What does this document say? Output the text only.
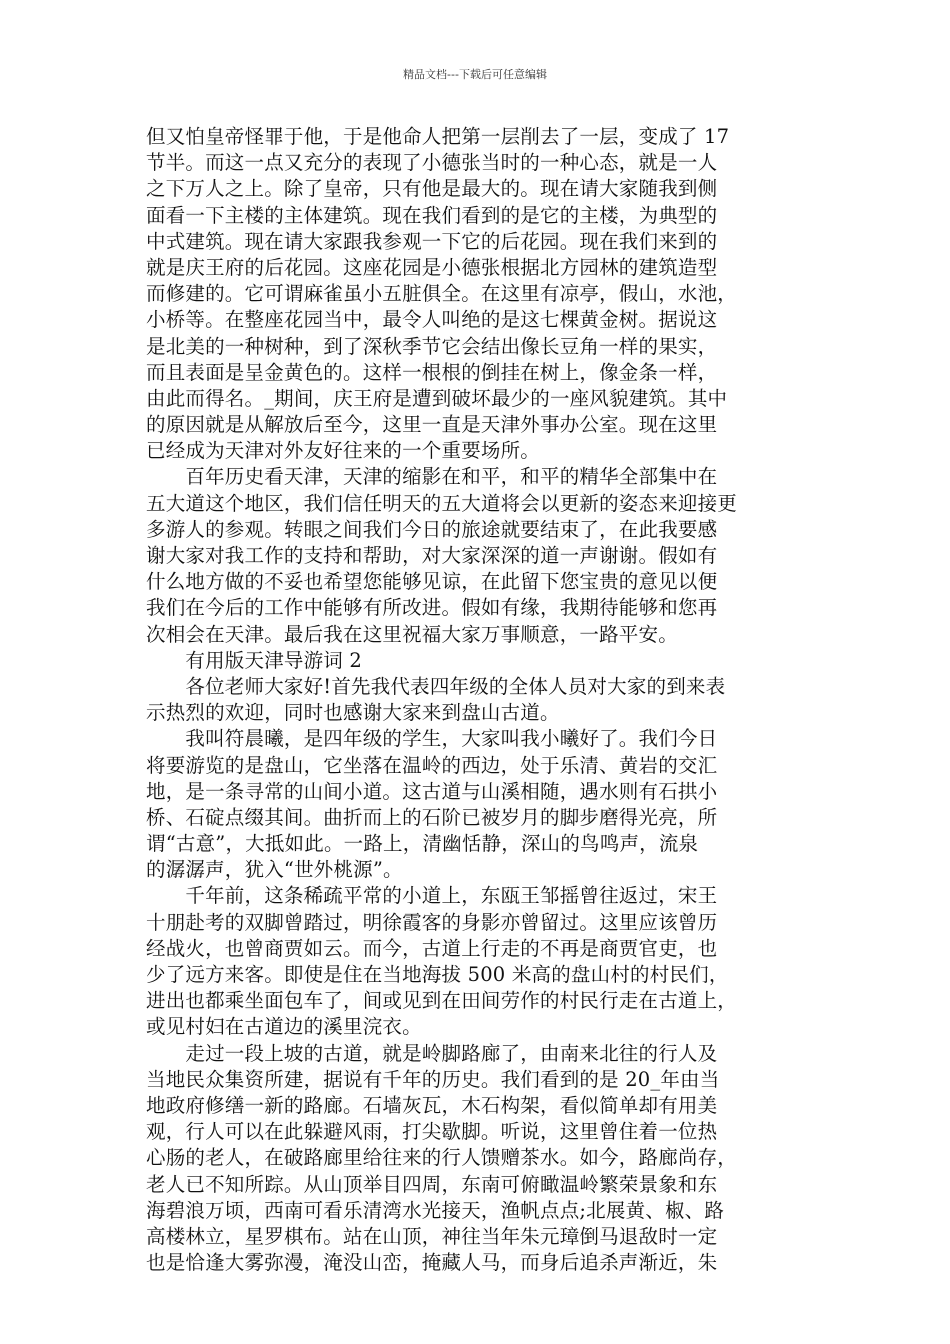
精品文档---下载后可任意编辑
但又怕皇帝怪罪于他，于是他命人把第一层削去了一层，变成了 17
节半。而这一点又充分的表现了小德张当时的一种心态，就是一人
之下万人之上。除了皇帝，只有他是最大的。现在请大家随我到侧
面看一下主楼的主体建筑。现在我们看到的是它的主楼，为典型的
中式建筑。现在请大家跟我参观一下它的后花园。现在我们来到的
就是庆王府的后花园。这座花园是小德张根据北方园林的建筑造型
而修建的。它可谓麻雀虽小五脏俱全。在这里有凉亭，假山，水池，
小桥等。在整座花园当中，最令人叫绝的是这七棵黄金树。据说这
是北美的一种树种，到了深秋季节它会结出像长豆角一样的果实，
而且表面是呈金黄色的。这样一根根的倒挂在树上，像金条一样，
由此而得名。_期间，庆王府是遭到破坏最少的一座风貌建筑。其中
的原因就是从解放后至今，这里一直是天津外事办公室。现在这里
已经成为天津对外友好往来的一个重要场所。
　　百年历史看天津，天津的缩影在和平，和平的精华全部集中在
五大道这个地区，我们信任明天的五大道将会以更新的姿态来迎接更
多游人的参观。转眼之间我们今日的旅途就要结束了，在此我要感
谢大家对我工作的支持和帮助，对大家深深的道一声谢谢。假如有
什么地方做的不妥也希望您能够见谅，在此留下您宝贵的意见以便
我们在今后的工作中能够有所改进。假如有缘，我期待能够和您再
次相会在天津。最后我在这里祝福大家万事顺意，一路平安。
　　有用版天津导游词 2
　　各位老师大家好!首先我代表四年级的全体人员对大家的到来表
示热烈的欢迎，同时也感谢大家来到盘山古道。
　　我叫符晨曦，是四年级的学生，大家叫我小曦好了。我们今日
将要游览的是盘山，它坐落在温岭的西边，处于乐清、黄岩的交汇
地，是一条寻常的山间小道。这古道与山溪相随，遇水则有石拱小
桥、石碇点缀其间。曲折而上的石阶已被岁月的脚步磨得光亮，所
谓“古意”，大抵如此。一路上，清幽恬静，深山的鸟鸣声，流泉
的潺潺声，犹入“世外桃源”。
　　千年前，这条稀疏平常的小道上，东瓯王邹摇曾往返过，宋王
十朋赴考的双脚曾踏过，明徐霞客的身影亦曾留过。这里应该曾历
经战火，也曾商贾如云。而今，古道上行走的不再是商贾官吏，也
少了远方来客。即使是住在当地海拔 500 米高的盘山村的村民们，
进出也都乘坐面包车了，间或见到在田间劳作的村民行走在古道上，
或见村妇在古道边的溪里浣衣。
　　走过一段上坡的古道，就是岭脚路廊了，由南来北往的行人及
当地民众集资所建，据说有千年的历史。我们看到的是 20_年由当
地政府修缮一新的路廊。石墙灰瓦，木石构架，看似简单却有用美
观，行人可以在此躲避风雨，打尖歇脚。听说，这里曾住着一位热
心肠的老人，在破路廊里给往来的行人馈赠茶水。如今，路廊尚存，
老人已不知所踪。从山顶举目四周，东南可俯瞰温岭繁荣景象和东
海碧浪万顷，西南可看乐清湾水光接天，渔帆点点;北展黄、椒、路
高楼林立，星罗棋布。站在山顶，神往当年朱元璋倒马退敌时一定
也是恰逢大雾弥漫，淹没山峦，掩藏人马，而身后追杀声渐近，朱
